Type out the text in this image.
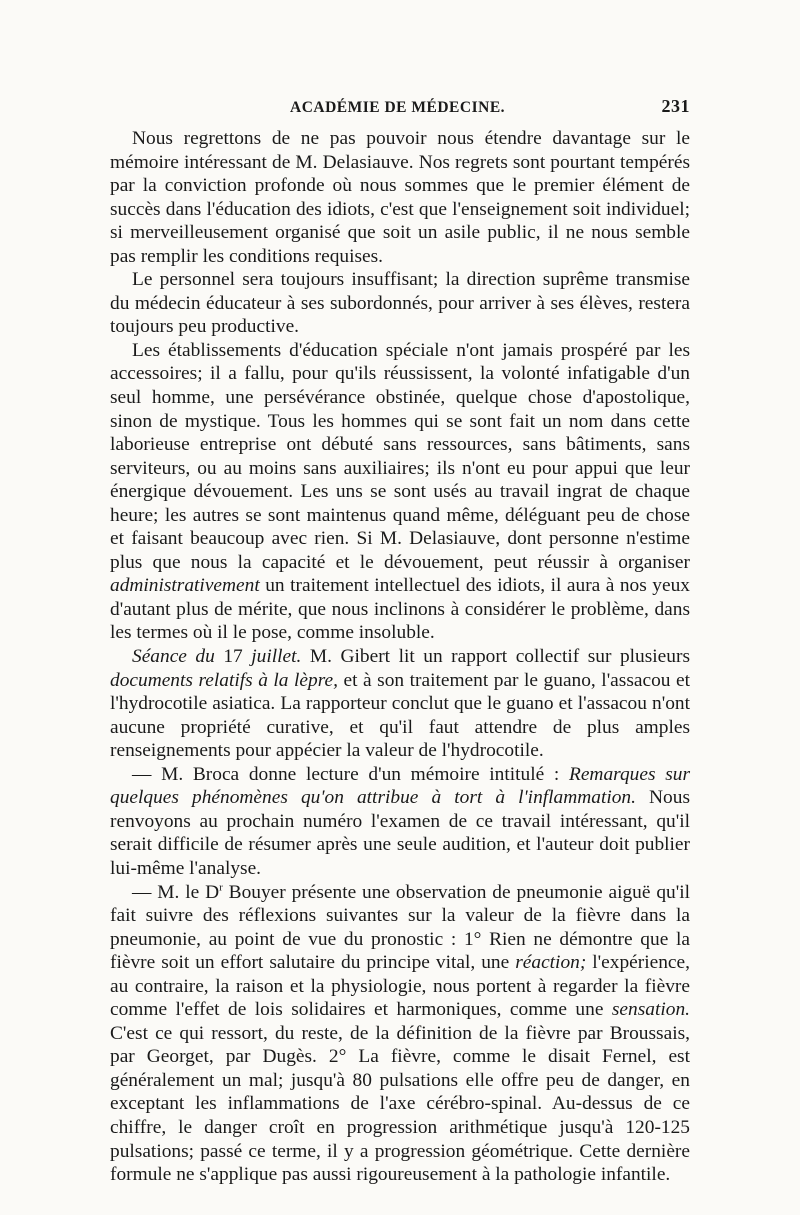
ACADÉMIE DE MÉDECINE.	231

Nous regrettons de ne pas pouvoir nous étendre davantage sur le mémoire intéressant de M. Delasiauve. Nos regrets sont pourtant tempérés par la conviction profonde où nous sommes que le premier élément de succès dans l'éducation des idiots, c'est que l'enseignement soit individuel; si merveilleusement organisé que soit un asile public, il ne nous semble pas remplir les conditions requises.

Le personnel sera toujours insuffisant; la direction suprême transmise du médecin éducateur à ses subordonnés, pour arriver à ses élèves, restera toujours peu productive.

Les établissements d'éducation spéciale n'ont jamais prospéré par les accessoires; il a fallu, pour qu'ils réussissent, la volonté infatigable d'un seul homme, une persévérance obstinée, quelque chose d'apostolique, sinon de mystique. Tous les hommes qui se sont fait un nom dans cette laborieuse entreprise ont débuté sans ressources, sans bâtiments, sans serviteurs, ou au moins sans auxiliaires; ils n'ont eu pour appui que leur énergique dévouement. Les uns se sont usés au travail ingrat de chaque heure; les autres se sont maintenus quand même, déléguant peu de chose et faisant beaucoup avec rien. Si M. Delasiauve, dont personne n'estime plus que nous la capacité et le dévouement, peut réussir à organiser administrativement un traitement intellectuel des idiots, il aura à nos yeux d'autant plus de mérite, que nous inclinons à considérer le problème, dans les termes où il le pose, comme insoluble.

Séance du 17 juillet. M. Gibert lit un rapport collectif sur plusieurs documents relatifs à la lèpre, et à son traitement par le guano, l'assacou et l'hydrocotile asiatica. La rapporteur conclut que le guano et l'assacou n'ont aucune propriété curative, et qu'il faut attendre de plus amples renseignements pour appécier la valeur de l'hydrocotile.

— M. Broca donne lecture d'un mémoire intitulé : Remarques sur quelques phénomènes qu'on attribue à tort à l'inflammation. Nous renvoyons au prochain numéro l'examen de ce travail intéressant, qu'il serait difficile de résumer après une seule audition, et l'auteur doit publier lui-même l'analyse.

— M. le $D^r$ Bouyer présente une observation de pneumonie aiguë qu'il fait suivre des réflexions suivantes sur la valeur de la fièvre dans la pneumonie, au point de vue du pronostic : 1° Rien ne démontre que la fièvre soit un effort salutaire du principe vital, une réaction; l'expérience, au contraire, la raison et la physiologie, nous portent à regarder la fièvre comme l'effet de lois solidaires et harmoniques, comme une sensation. C'est ce qui ressort, du reste, de la définition de la fièvre par Broussais, par Georget, par Dugès. 2° La fièvre, comme le disait Fernel, est généralement un mal; jusqu'à 80 pulsations elle offre peu de danger, en exceptant les inflammations de l'axe cérébro-spinal. Au-dessus de ce chiffre, le danger croît en progression arithmétique jusqu'à 120-125 pulsations; passé ce terme, il y a progression géométrique. Cette dernière formule ne s'applique pas aussi rigoureusement à la pathologie infantile.
